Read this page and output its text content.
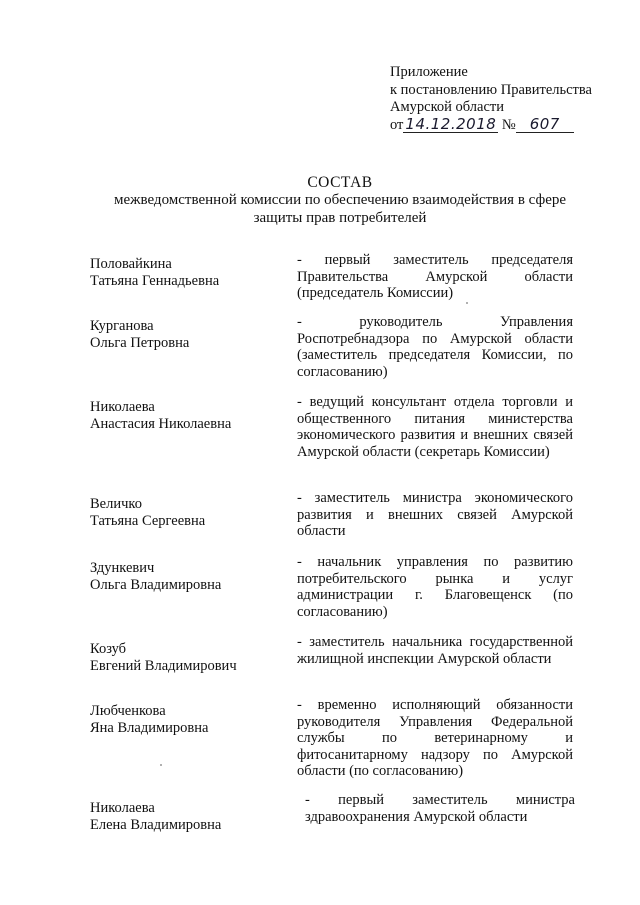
Приложение
к постановлению Правительства
Амурской области
от 14.12.2018 № 607
СОСТАВ
межведомственной комиссии по обеспечению взаимодействия в сфере
защиты прав потребителей
Половайкина
Татьяна Геннадьевна
- первый заместитель председателя Правительства Амурской области (председатель Комиссии)
Курганова
Ольга Петровна
- руководитель Управления Роспотребнадзора по Амурской области (заместитель председателя Комиссии, по согласованию)
Николаева
Анастасия Николаевна
- ведущий консультант отдела торговли и общественного питания министерства экономического развития и внешних связей Амурской области (секретарь Комиссии)
Величко
Татьяна Сергеевна
- заместитель министра экономического развития и внешних связей Амурской области
Здункевич
Ольга Владимировна
- начальник управления по развитию потребительского рынка и услуг администрации г. Благовещенск (по согласованию)
Козуб
Евгений Владимирович
- заместитель начальника государственной жилищной инспекции Амурской области
Любченкова
Яна Владимировна
- временно исполняющий обязанности руководителя Управления Федеральной службы по ветеринарному и фитосанитарному надзору по Амурской области (по согласованию)
Николаева
Елена Владимировна
- первый заместитель министра здравоохранения Амурской области
